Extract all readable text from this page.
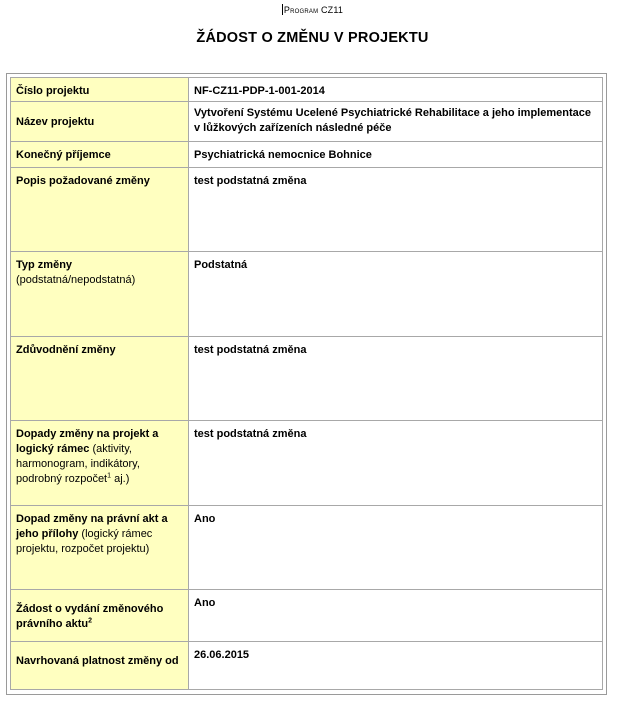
Program CZ11
ŽÁDOST O ZMĚNU V PROJEKTU
Číslo projektu	NF-CZ11-PDP-1-001-2014
Název projektu	Vytvoření Systému Ucelené Psychiatrické Rehabilitace a jeho implementace v lůžkových zařízeních následné péče
Konečný příjemce	Psychiatrická nemocnice Bohnice
Popis požadované změny	test podstatná změna
Typ změny
(podstatná/nepodstatná)	Podstatná
Zdůvodnění změny	test podstatná změna
Dopady změny na projekt a logický rámec (aktivity, harmonogram, indikátory, podrobný rozpočet$^1$ aj.)	test podstatná změna
Dopad změny na právní akt a jeho přílohy (logický rámec projektu, rozpočet projektu)	Ano
Žádost o vydání změnového právního aktu$^2$	Ano
Navrhovaná platnost změny od	26.06.2015
